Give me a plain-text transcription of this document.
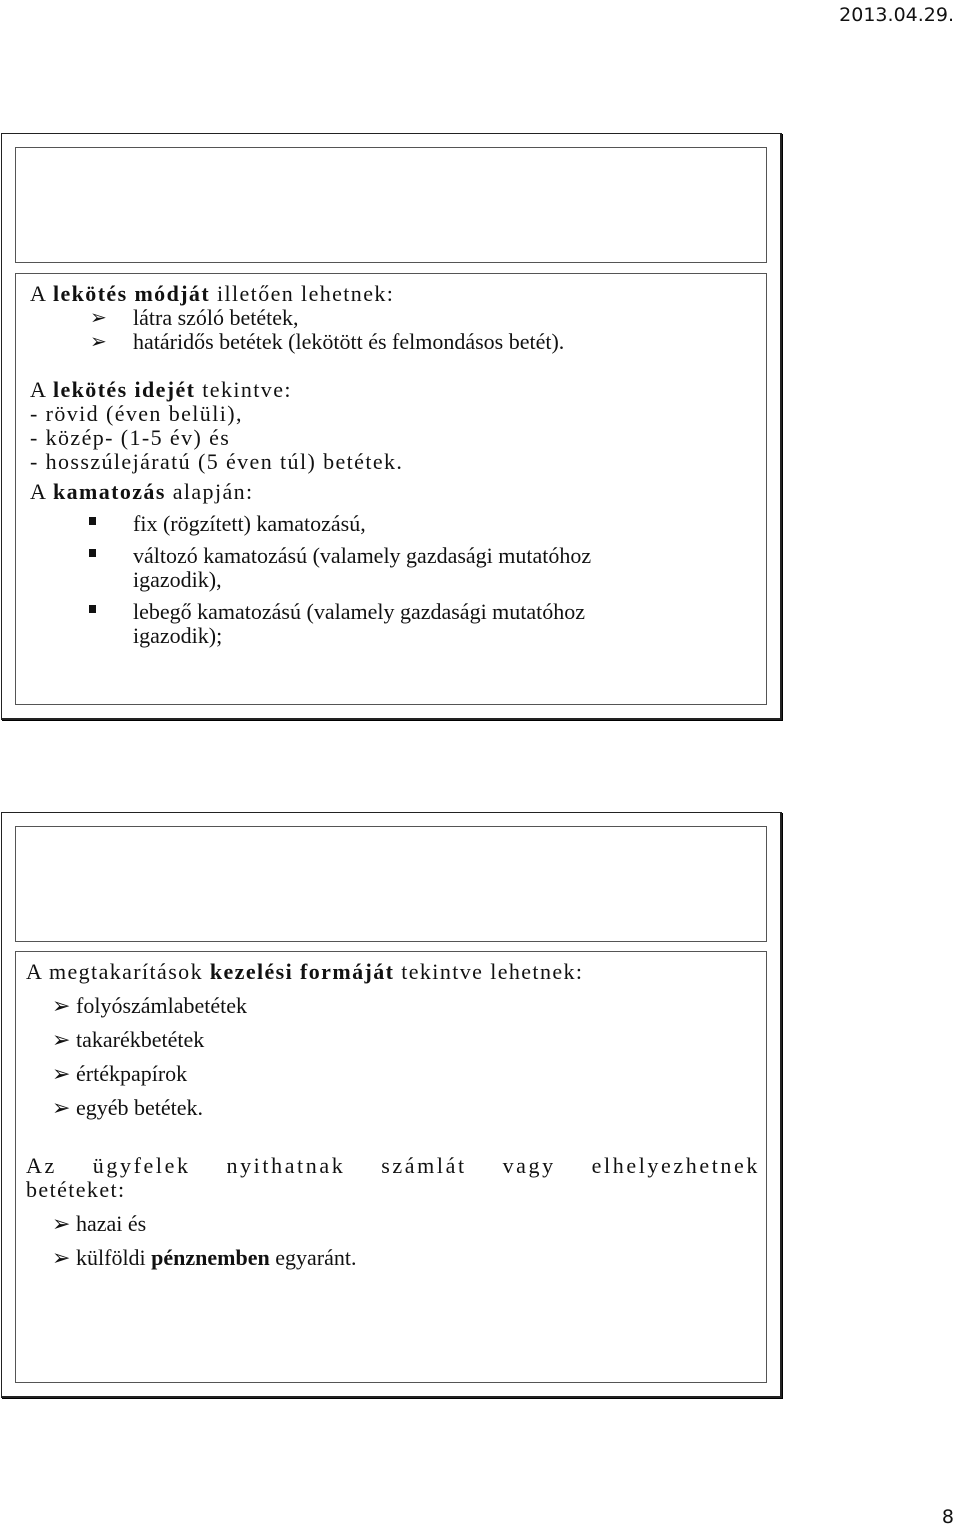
2013.04.29.
A lekötés módját illetően lehetnek:
➢ látra szóló betétek,
➢ határidős betétek (lekötött és felmondásos betét).
A lekötés idejét tekintve:
- rövid (éven belüli),
- közép- (1-5 év) és
- hosszúlejáratú (5 éven túl) betétek.
A kamatozás alapján:
fix (rögzített) kamatozású,
változó kamatozású (valamely gazdasági mutatóhoz
igazodik),
lebegő kamatozású (valamely gazdasági mutatóhoz
igazodik);
A megtakarítások kezelési formáját tekintve lehetnek:
➢ folyószámlabetétek
➢ takarékbetétek
➢ értékpapírok
➢ egyéb betétek.
Az ügyfelek nyithatnak számlát vagy elhelyezhetnek
betéteket:
➢ hazai és
➢ külföldi pénznemben egyaránt.
8
